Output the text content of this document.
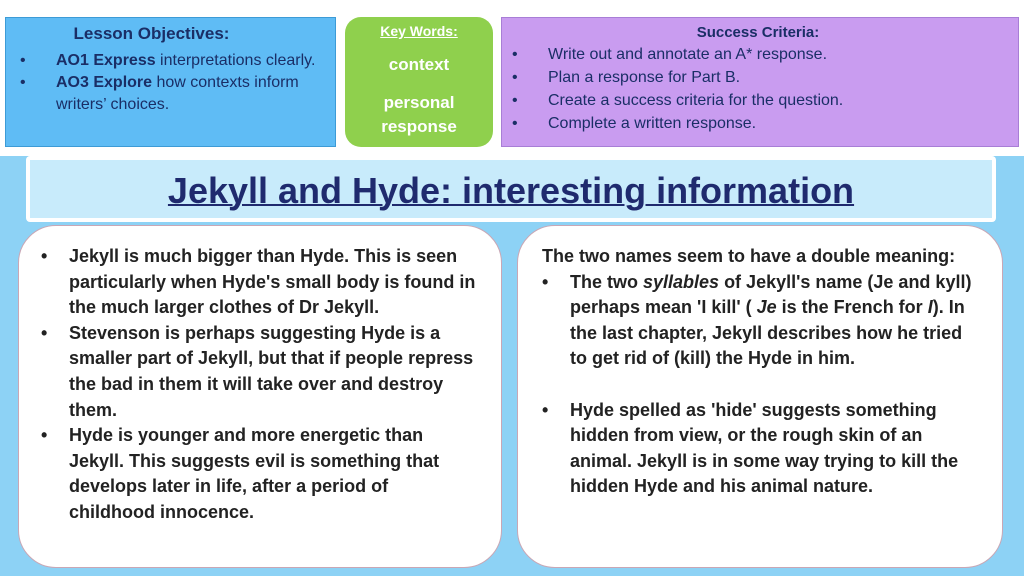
Lesson Objectives:
• AO1 Express interpretations clearly.
• AO3 Explore how contexts inform writers’ choices.
Key Words:
context
personal response
Success Criteria:
• Write out and annotate an A* response.
• Plan a response for Part B.
• Create a success criteria for the question.
• Complete a written response.
Jekyll and Hyde: interesting information
• Jekyll is much bigger than Hyde. This is seen particularly when Hyde's small body is found in the much larger clothes of Dr Jekyll.
• Stevenson is perhaps suggesting Hyde is a smaller part of Jekyll, but that if people repress the bad in them it will take over and destroy them.
• Hyde is younger and more energetic than Jekyll. This suggests evil is something that develops later in life, after a period of childhood innocence.
The two names seem to have a double meaning:
• The two syllables of Jekyll's name (Je and kyll) perhaps mean 'I kill' ( Je is the French for I). In the last chapter, Jekyll describes how he tried to get rid of (kill) the Hyde in him.
• Hyde spelled as 'hide' suggests something hidden from view, or the rough skin of an animal. Jekyll is in some way trying to kill the hidden Hyde and his animal nature.
